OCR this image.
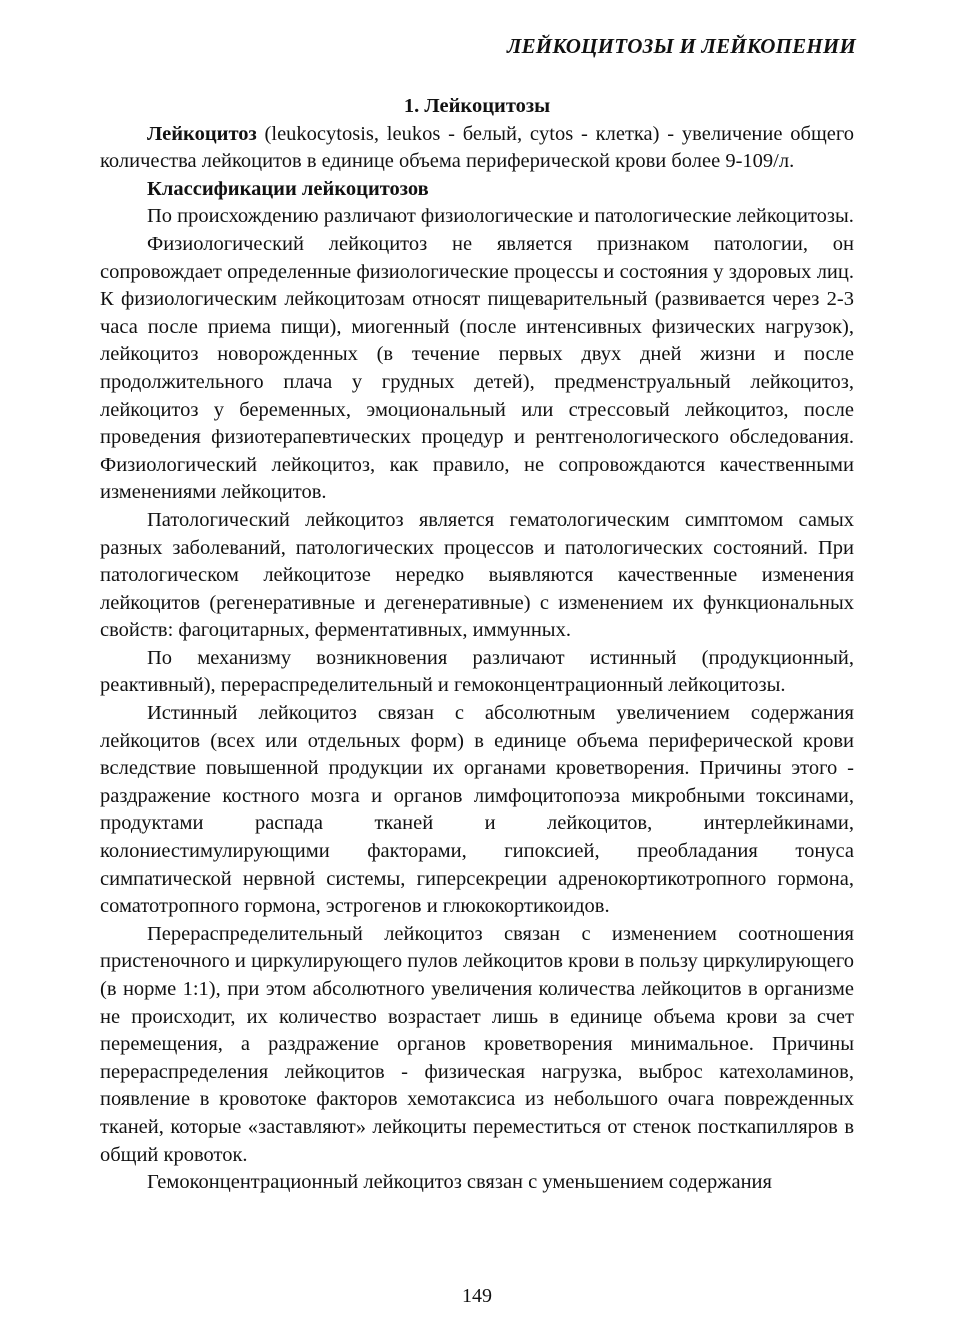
ЛЕЙКОЦИТОЗЫ И ЛЕЙКОПЕНИИ

1. Лейкоцитозы

Лейкоцитоз (leukocytosis, leukos - белый, cytos - клетка) - увеличение общего количества лейкоцитов в единице объема периферической крови более 9-109/л.

Классификации лейкоцитозов

По происхождению различают физиологические и патологические лейкоцитозы.

Физиологический лейкоцитоз не является признаком патологии, он сопровождает определенные физиологические процессы и состояния у здоровых лиц. К физиологическим лейкоцитозам относят пищеварительный (развивается через 2-3 часа после приема пищи), миогенный (после интенсивных физических нагрузок), лейкоцитоз новорожденных (в течение первых двух дней жизни и после продолжительного плача у грудных детей), предменструальный лейкоцитоз, лейкоцитоз у беременных, эмоциональный или стрессовый лейкоцитоз, после проведения физиотерапевтических процедур и рентгенологического обследования. Физиологический лейкоцитоз, как правило, не сопровождаются качественными изменениями лейкоцитов.

Патологический лейкоцитоз является гематологическим симптомом самых разных заболеваний, патологических процессов и патологических состояний. При патологическом лейкоцитозе нередко выявляются качественные изменения лейкоцитов (регенеративные и дегенеративные) с изменением их функциональных свойств: фагоцитарных, ферментативных, иммунных.

По механизму возникновения различают истинный (продукционный, реактивный), перераспределительный и гемоконцентрационный лейкоцитозы.

Истинный лейкоцитоз связан с абсолютным увеличением содержания лейкоцитов (всех или отдельных форм) в единице объема периферической крови вследствие повышенной продукции их органами кроветворения. Причины этого - раздражение костного мозга и органов лимфоцитопоэза микробными токсинами, продуктами распада тканей и лейкоцитов, интерлейкинами, колониестимулирующими факторами, гипоксией, преобладания тонуса симпатической нервной системы, гиперсекреции адренокортикотропного гормона, соматотропного гормона, эстрогенов и глюкокортикоидов.

Перераспределительный лейкоцитоз связан с изменением соотношения пристеночного и циркулирующего пулов лейкоцитов крови в пользу циркулирующего (в норме 1:1), при этом абсолютного увеличения количества лейкоцитов в организме не происходит, их количество возрастает лишь в единице объема крови за счет перемещения, а раздражение органов кроветворения минимальное. Причины перераспределения лейкоцитов - физическая нагрузка, выброс катехоламинов, появление в кровотоке факторов хемотаксиса из небольшого очага поврежденных тканей, которые «заставляют» лейкоциты переместиться от стенок посткапилляров в общий кровоток.

Гемоконцентрационный лейкоцитоз связан с уменьшением содержания

149
